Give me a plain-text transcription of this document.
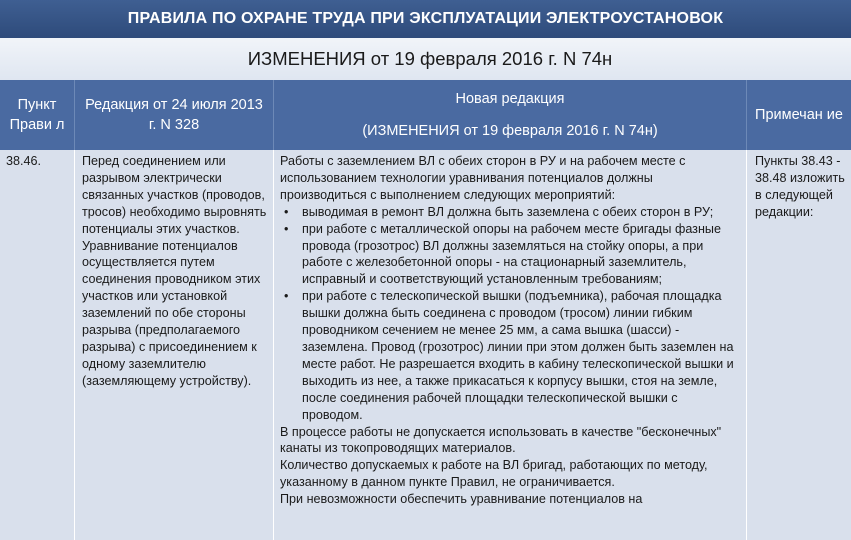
ПРАВИЛА ПО ОХРАНЕ ТРУДА ПРИ ЭКСПЛУАТАЦИИ ЭЛЕКТРОУСТАНОВОК
ИЗМЕНЕНИЯ от 19 февраля 2016 г. N 74н
Пункт Прави л
Редакция от 24 июля 2013 г. N 328
Новая редакция
(ИЗМЕНЕНИЯ от 19 февраля 2016 г. N 74н)
Примечан ие
38.46.	Перед соединением или разрывом электрически связанных участков (проводов, тросов) необходимо выровнять потенциалы этих участков. Уравнивание потенциалов осуществляется путем соединения проводником этих участков или установкой заземлений по обе стороны разрыва (предполагаемого разрыва) с присоединением к одному заземлителю (заземляющему устройству).
Работы с заземлением ВЛ с обеих сторон в РУ и на рабочем месте с использованием технологии уравнивания потенциалов должны производиться с выполнением следующих мероприятий:
• выводимая в ремонт ВЛ должна быть заземлена с обеих сторон в РУ;
• при работе с металлической опоры на рабочем месте бригады фазные провода (грозотрос) ВЛ должны заземляться на стойку опоры, а при работе с железобетонной опоры - на стационарный заземлитель, исправный и соответствующий установленным требованиям;
• при работе с телескопической вышки (подъемника), рабочая площадка вышки должна быть соединена с проводом (тросом) линии гибким проводником сечением не менее 25 мм, а сама вышка (шасси) - заземлена. Провод (грозотрос) линии при этом должен быть заземлен на месте работ. Не разрешается входить в кабину телескопической вышки и выходить из нее, а также прикасаться к корпусу вышки, стоя на земле, после соединения рабочей площадки телескопической вышки с проводом.
В процессе работы не допускается использовать в качестве "бесконечных" канаты из токопроводящих материалов.
Количество допускаемых к работе на ВЛ бригад, работающих по методу, указанному в данном пункте Правил, не ограничивается.
При невозможности обеспечить уравнивание потенциалов на
Пункты 38.43 - 38.48 изложить в следующей редакции:
